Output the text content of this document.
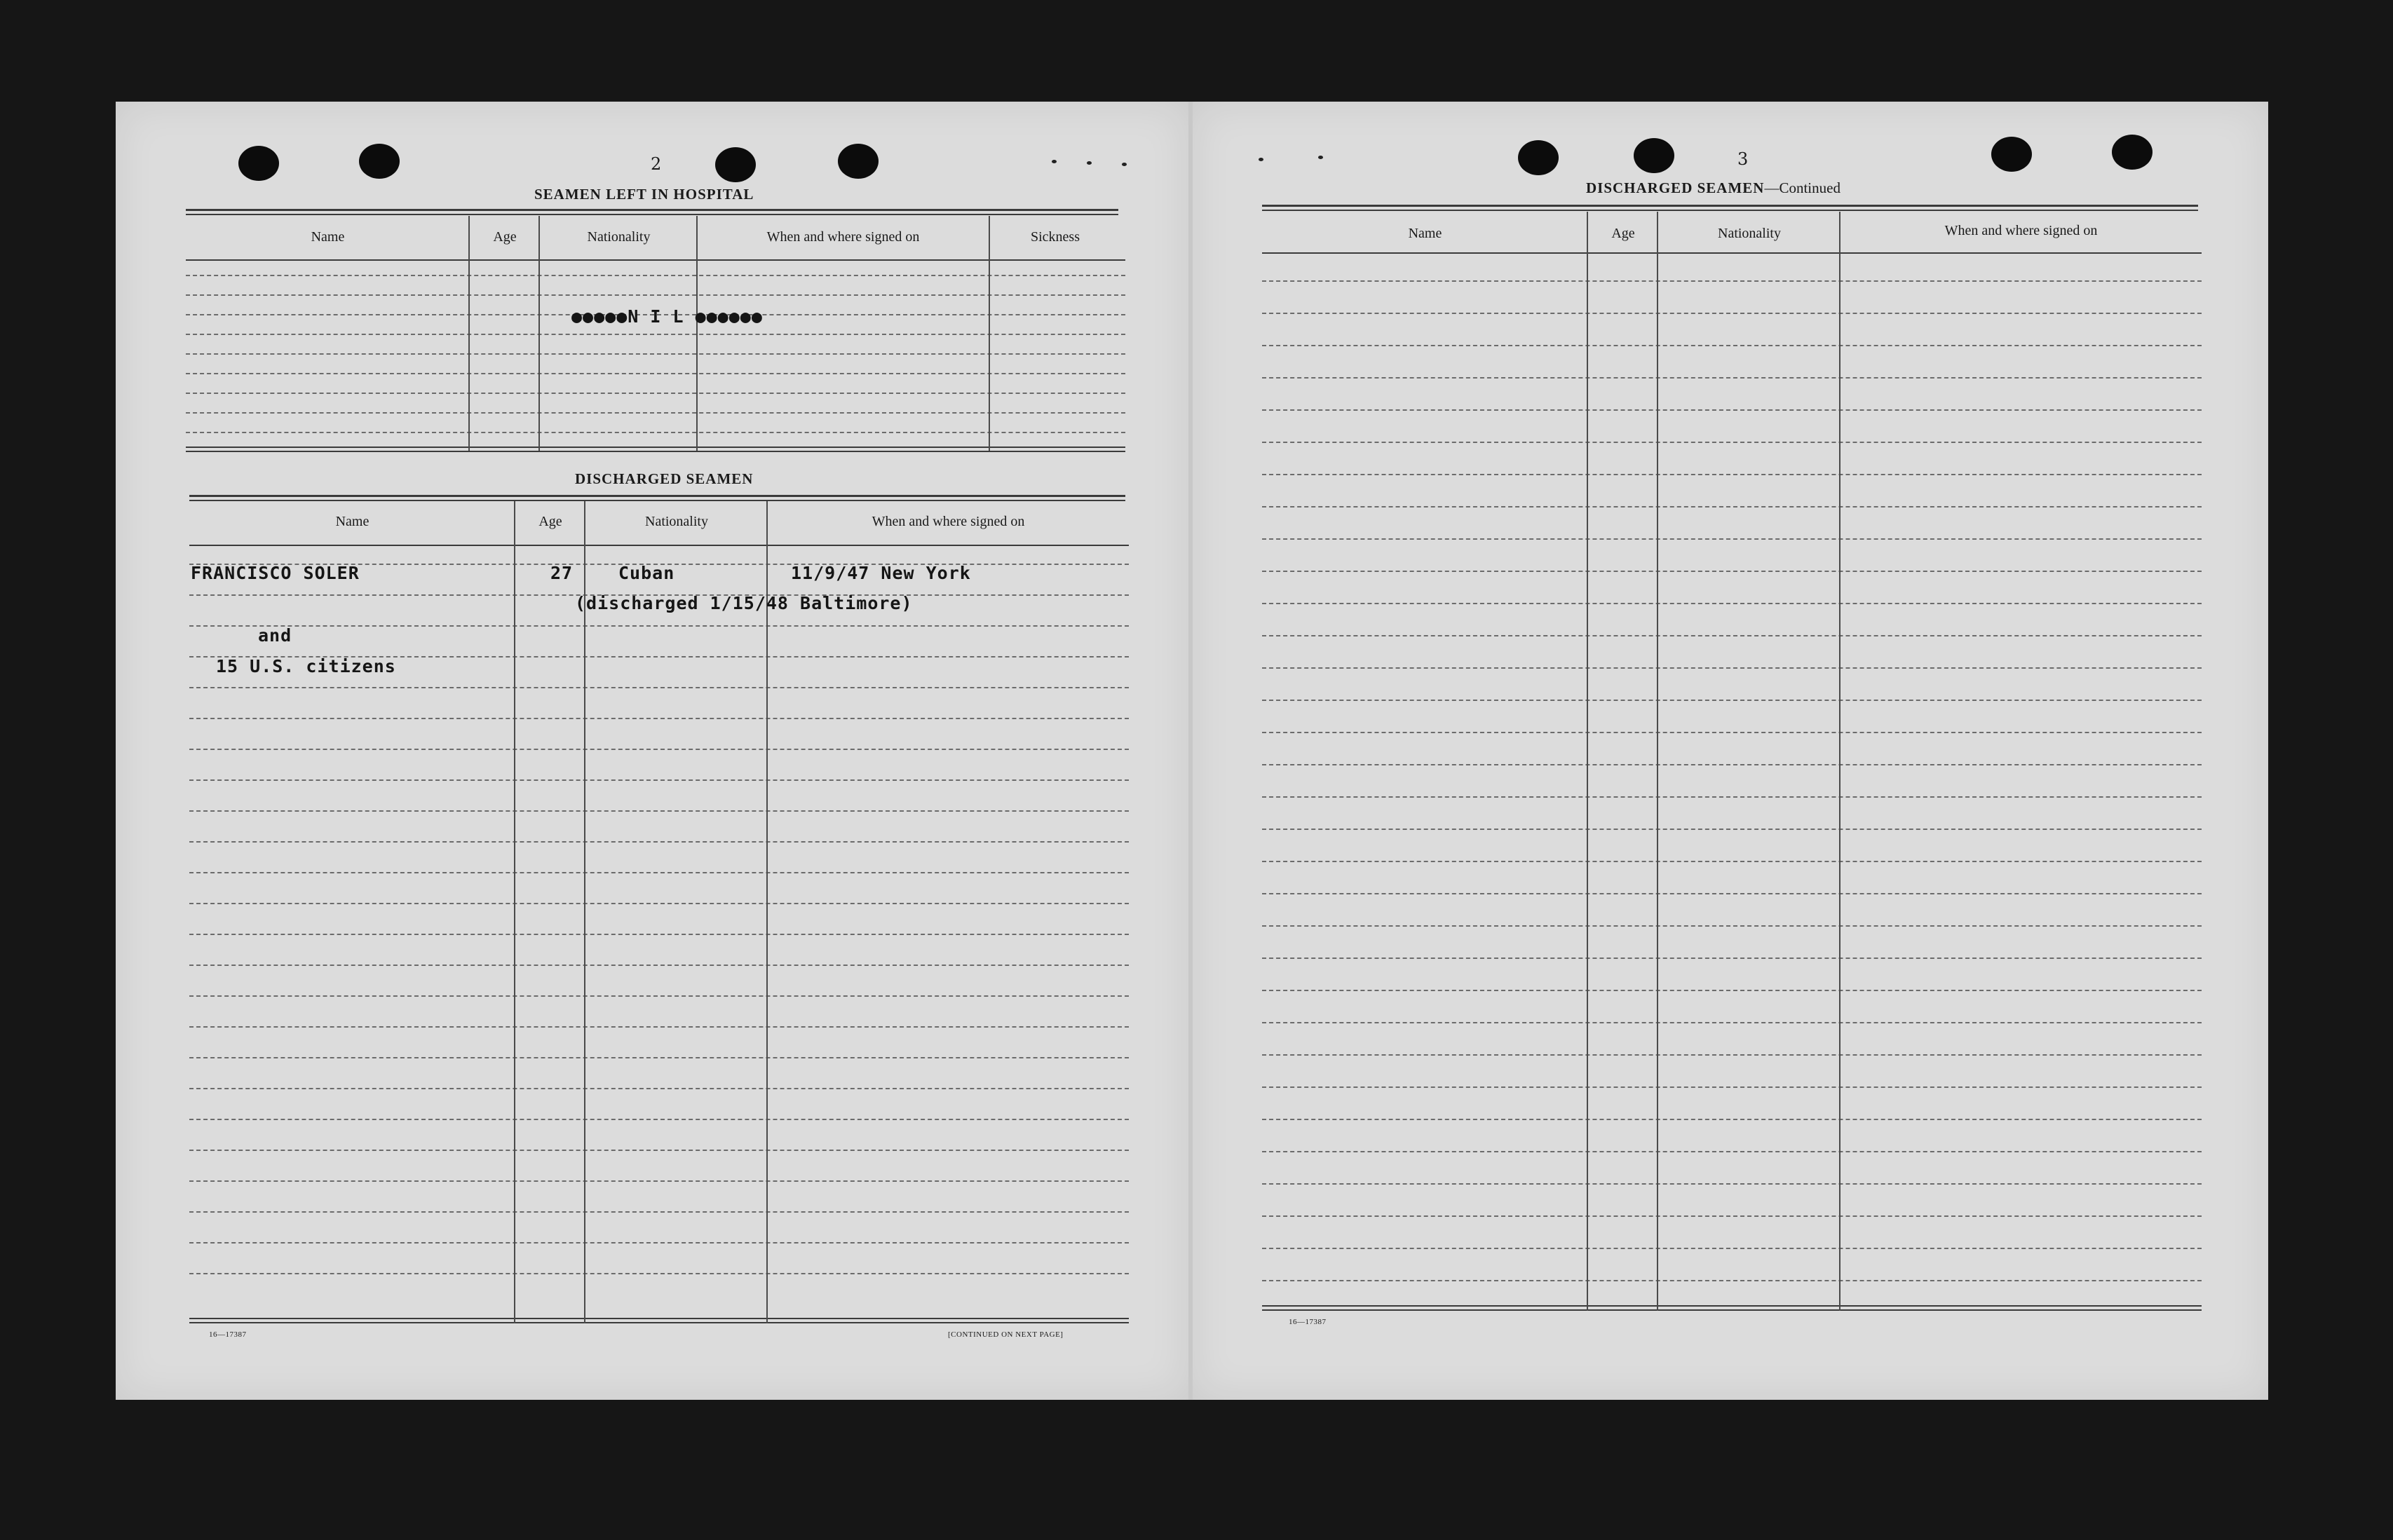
2
SEAMEN LEFT IN HOSPITAL
Name	Age	Nationality	When and where signed on	Sickness
●●●●●N I L ●●●●●●
DISCHARGED SEAMEN
Name	Age	Nationality	When and where signed on
FRANCISCO SOLER	27	Cuban	11/9/47 New York
(discharged 1/15/48 Baltimore)
and
15 U.S. citizens
16—17387	[CONTINUED ON NEXT PAGE]
3
DISCHARGED SEAMEN—Continued
Name	Age	Nationality	When and where signed on
16—17387
